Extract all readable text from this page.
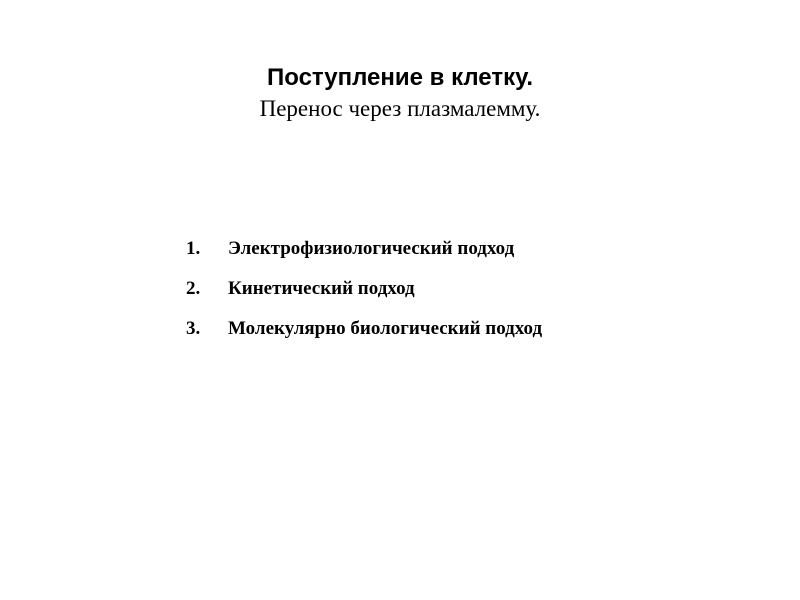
Поступление в клетку.

Перенос через плазмалемму.

1.	Электрофизиологический подход
2.	Кинетический подход
3.	Молекулярно биологический подход
